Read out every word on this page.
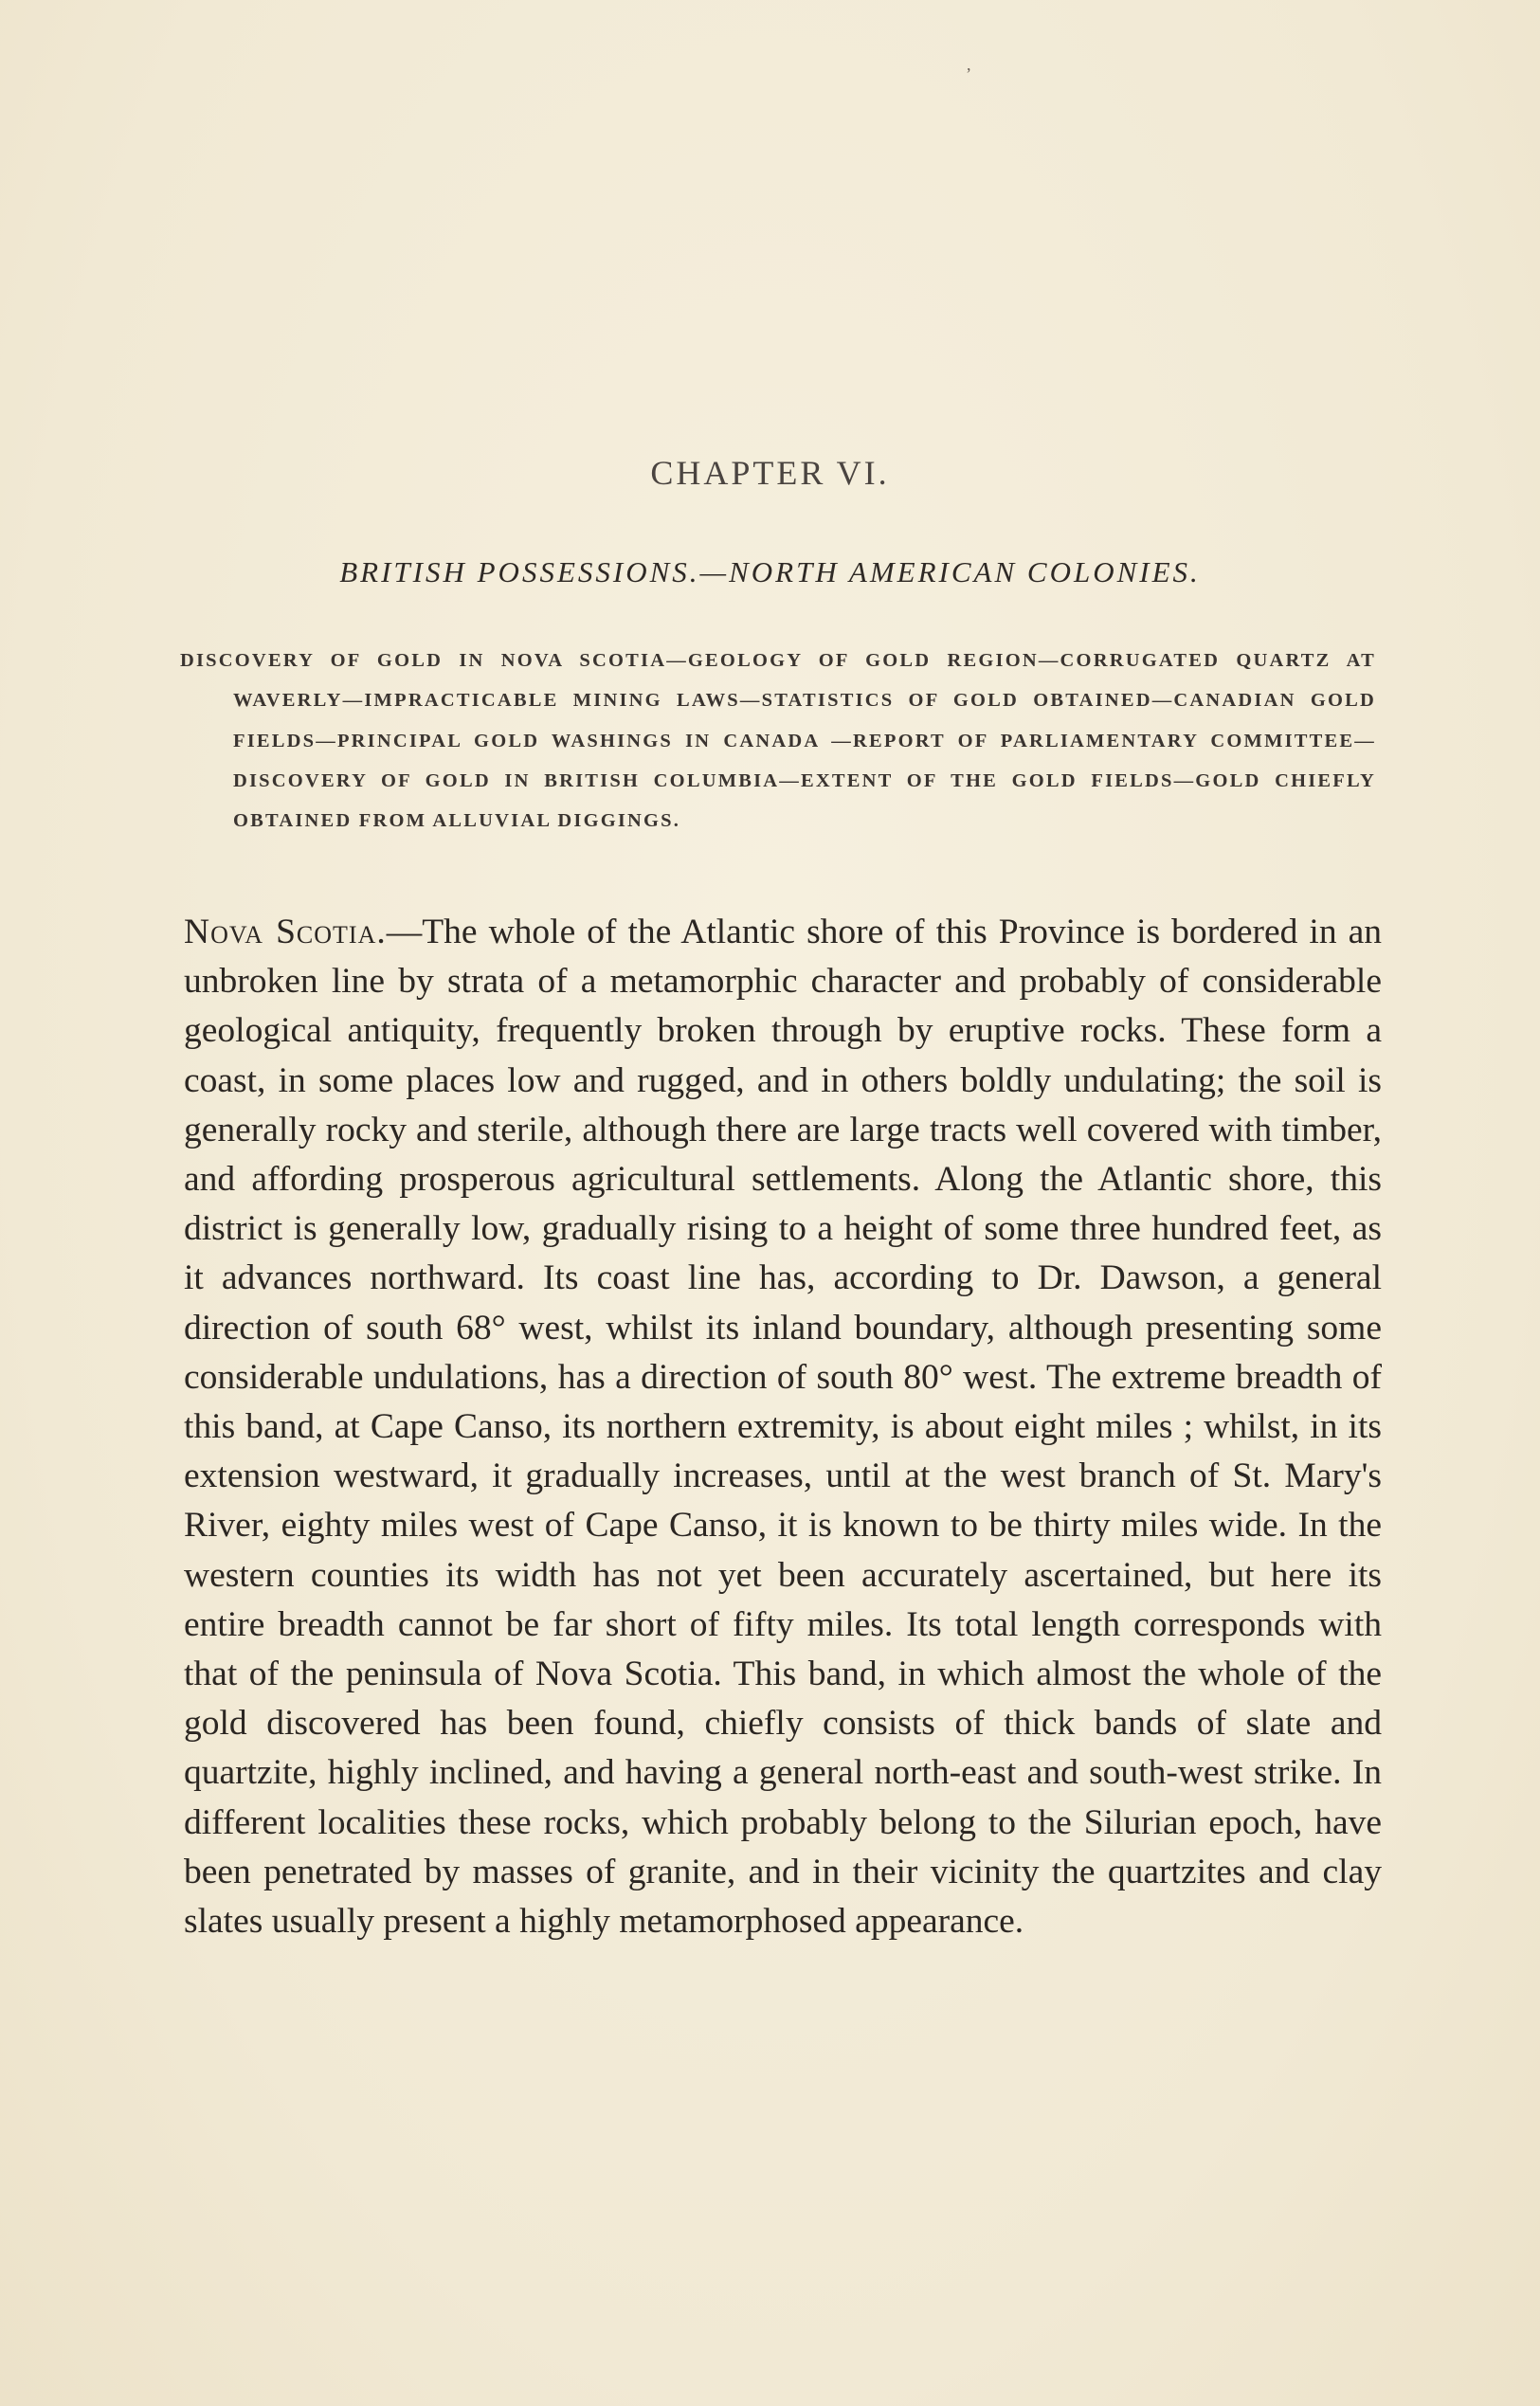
,
CHAPTER VI.
BRITISH POSSESSIONS.—NORTH AMERICAN COLONIES.
DISCOVERY OF GOLD IN NOVA SCOTIA—GEOLOGY OF GOLD REGION—CORRUGATED QUARTZ AT WAVERLY—IMPRACTICABLE MINING LAWS—STATISTICS OF GOLD OBTAINED—CANADIAN GOLD FIELDS—PRINCIPAL GOLD WASHINGS IN CANADA —REPORT OF PARLIAMENTARY COMMITTEE—DISCOVERY OF GOLD IN BRITISH COLUMBIA—EXTENT OF THE GOLD FIELDS—GOLD CHIEFLY OBTAINED FROM ALLUVIAL DIGGINGS.

Nova Scotia.—The whole of the Atlantic shore of this Province is bordered in an unbroken line by strata of a metamorphic character and probably of considerable geological antiquity, frequently broken through by eruptive rocks. These form a coast, in some places low and rugged, and in others boldly undulating; the soil is generally rocky and sterile, although there are large tracts well covered with timber, and affording prosperous agricultural settlements. Along the Atlantic shore, this district is generally low, gradually rising to a height of some three hundred feet, as it advances northward. Its coast line has, according to Dr. Dawson, a general direction of south 68° west, whilst its inland boundary, although presenting some considerable undulations, has a direction of south 80° west. The extreme breadth of this band, at Cape Canso, its northern extremity, is about eight miles ; whilst, in its extension westward, it gradually increases, until at the west branch of St. Mary's River, eighty miles west of Cape Canso, it is known to be thirty miles wide. In the western counties its width has not yet been accurately ascertained, but here its entire breadth cannot be far short of fifty miles. Its total length corresponds with that of the peninsula of Nova Scotia. This band, in which almost the whole of the gold discovered has been found, chiefly consists of thick bands of slate and quartzite, highly inclined, and having a general north-east and south-west strike. In different localities these rocks, which probably belong to the Silurian epoch, have been penetrated by masses of granite, and in their vicinity the quartzites and clay slates usually present a highly metamorphosed appearance.
